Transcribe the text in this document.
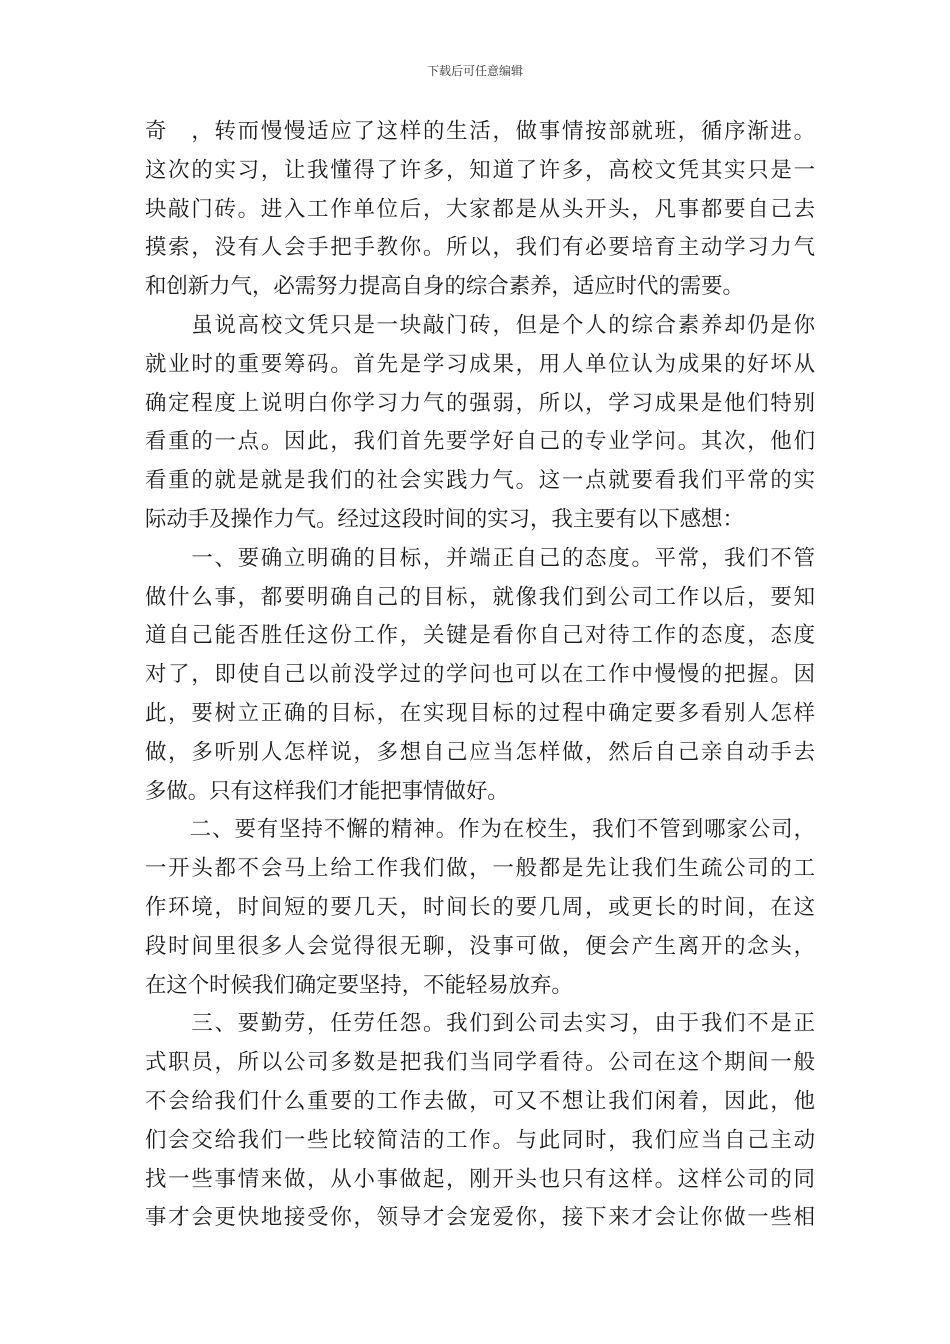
下载后可任意编辑
奇　，转而慢慢适应了这样的生活，做事情按部就班，循序渐进。
这次的实习，让我懂得了许多，知道了许多，高校文凭其实只是一
块敲门砖。进入工作单位后，大家都是从头开头，凡事都要自己去
摸索，没有人会手把手教你。所以，我们有必要培育主动学习力气
和创新力气，必需努力提高自身的综合素养，适应时代的需要。
　　虽说高校文凭只是一块敲门砖，但是个人的综合素养却仍是你
就业时的重要筹码。首先是学习成果，用人单位认为成果的好坏从
确定程度上说明白你学习力气的强弱，所以，学习成果是他们特别
看重的一点。因此，我们首先要学好自己的专业学问。其次，他们
看重的就是就是我们的社会实践力气。这一点就要看我们平常的实
际动手及操作力气。经过这段时间的实习，我主要有以下感想：
　　一、要确立明确的目标，并端正自己的态度。平常，我们不管
做什么事，都要明确自己的目标，就像我们到公司工作以后，要知
道自己能否胜任这份工作，关键是看你自己对待工作的态度，态度
对了，即使自己以前没学过的学问也可以在工作中慢慢的把握。因
此，要树立正确的目标，在实现目标的过程中确定要多看别人怎样
做，多听别人怎样说，多想自己应当怎样做，然后自己亲自动手去
多做。只有这样我们才能把事情做好。
　　二、要有坚持不懈的精神。作为在校生，我们不管到哪家公司，
一开头都不会马上给工作我们做，一般都是先让我们生疏公司的工
作环境，时间短的要几天，时间长的要几周，或更长的时间，在这
段时间里很多人会觉得很无聊，没事可做，便会产生离开的念头，
在这个时候我们确定要坚持，不能轻易放弃。
　　三、要勤劳，任劳任怨。我们到公司去实习，由于我们不是正
式职员，所以公司多数是把我们当同学看待。公司在这个期间一般
不会给我们什么重要的工作去做，可又不想让我们闲着，因此，他
们会交给我们一些比较简洁的工作。与此同时，我们应当自己主动
找一些事情来做，从小事做起，刚开头也只有这样。这样公司的同
事才会更快地接受你，领导才会宠爱你，接下来才会让你做一些相
